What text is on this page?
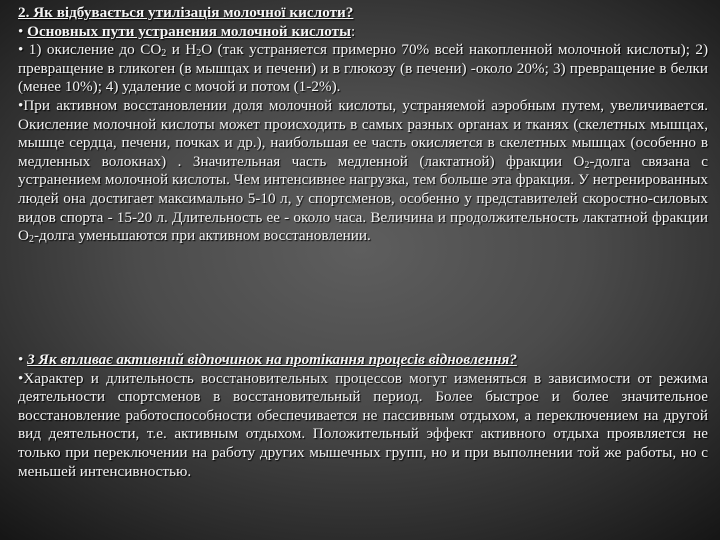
2. Як відбувається утилізація молочної кислоти?

• Основных пути устранения молочной кислоты:

• 1) окисление до $СО_2$ и $Н_2О$ (так устраняется примерно 70% всей накопленной молочной кислоты); 2) превращение в гликоген (в мышцах и печени) и в глюкозу (в печени) -около 20%; 3) превращение в белки (менее 10%); 4) удаление с мочой и потом (1-2%).

•При активном восстановлении доля молочной кислоты, устраняемой аэробным путем, увеличивается. Окисление молочной кислоты может происходить в самых разных органах и тканях (скелетных мышцах, мышце сердца, печени, почках и др.), наибольшая ее часть окисляется в скелетных мышцах (особенно в медленных волокнах) . Значительная часть медленной (лактатной) фракции $О_2$-долга связана с устранением молочной кислоты. Чем интенсивнее нагрузка, тем больше эта фракция. У нетренированных людей она достигает максимально 5-10 л, у спортсменов, особенно у представителей скоростно-силовых видов спорта - 15-20 л. Длительность ее - около часа. Величина и продолжительность лактатной фракции $О_2$-долга уменьшаются при активном восстановлении.

• 3 Як впливає активний відпочинок на протікання процесів відновлення?

•Характер и длительность восстановительных процессов могут изменяться в зависимости от режима деятельности спортсменов в восстановительный период. Более быстрое и более значительное восстановление работоспособности обеспечивается не пассивным отдыхом, а переключением на другой вид деятельности, т.е. активным отдыхом. Положительный эффект активного отдыха проявляется не только при переключении на работу других мышечных групп, но и при выполнении той же работы, но с меньшей интенсивностью.
